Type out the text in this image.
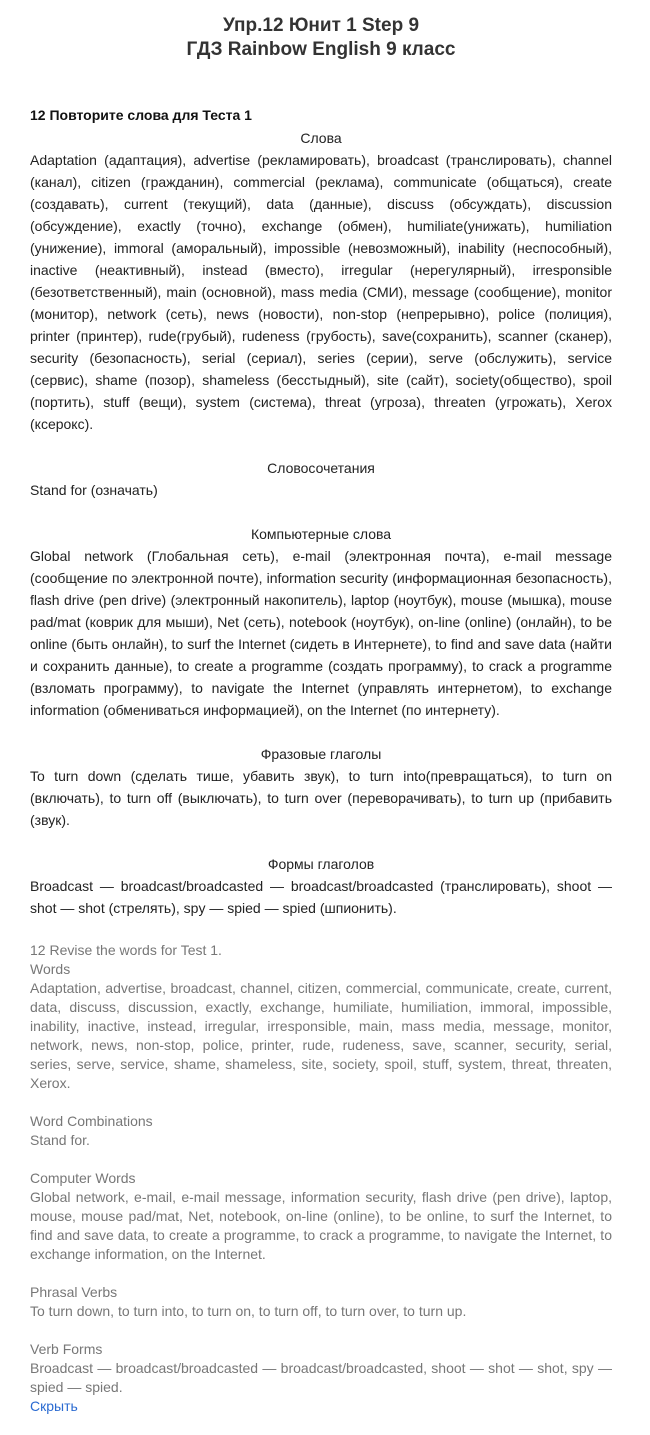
Упр.12 Юнит 1 Step 9

ГДЗ Rainbow English 9 класс

12 Повторите слова для Теста 1

Слова

Adaptation (адаптация), advertise (рекламировать), broadcast (транслировать), channel (канал), citizen (гражданин), commercial (реклама), communicate (общаться), create (создавать), current (текущий), data (данные), discuss (обсуждать), discussion (обсуждение), exactly (точно), exchange (обмен), humiliate(унижать), humiliation (унижение), immoral (аморальный), impossible (невозможный), inability (неспособный), inactive (неактивный), instead (вместо), irregular (нерегулярный), irresponsible (безответственный), main (основной), mass media (СМИ), message (сообщение), monitor (монитор), network (сеть), news (новости), non-stop (непрерывно), police (полиция), printer (принтер), rude(грубый), rudeness (грубость), save(сохранить), scanner (сканер), security (безопасность), serial (сериал), series (серии), serve (обслужить), service (сервис), shame (позор), shameless (бесстыдный), site (сайт), society(общество), spoil (портить), stuff (вещи), system (система), threat (угроза), threaten (угрожать), Xerox (ксерокс).

Словосочетания

Stand for (означать)

Компьютерные слова

Global network (Глобальная сеть), e-mail (электронная почта), e-mail message (сообщение по электронной почте), information security (информационная безопасность), flash drive (pen drive) (электронный накопитель), laptop (ноутбук), mouse (мышка), mouse pad/mat (коврик для мыши), Net (сеть), notebook (ноутбук), on-line (online) (онлайн), to be online (быть онлайн), to surf the Internet (сидеть в Интернете), to find and save data (найти и сохранить данные), to create a programme (создать программу), to crack a programme (взломать программу), to navigate the Internet (управлять интернетом), to exchange information (обмениваться информацией), on the Internet (по интернету).

Фразовые глаголы

To turn down (сделать тише, убавить звук), to turn into(превращаться), to turn on (включать), to turn off (выключать), to turn over (переворачивать), to turn up (прибавить (звук).

Формы глаголов

Broadcast — broadcast/broadcasted — broadcast/broadcasted (транслировать), shoot — shot — shot (стрелять), spy — spied — spied (шпионить).

12 Revise the words for Test 1.

Words

Adaptation, advertise, broadcast, channel, citizen, commercial, communicate, create, current, data, discuss, discussion, exactly, exchange, humiliate, humiliation, immoral, impossible, inability, inactive, instead, irregular, irresponsible, main, mass media, message, monitor, network, news, non-stop, police, printer, rude, rudeness, save, scanner, security, serial, series, serve, service, shame, shameless, site, society, spoil, stuff, system, threat, threaten, Xerox.

Word Combinations

Stand for.

Computer Words

Global network, e-mail, e-mail message, information security, flash drive (pen drive), laptop, mouse, mouse pad/mat, Net, notebook, on-line (online), to be online, to surf the Internet, to find and save data, to create a programme, to crack a programme, to navigate the Internet, to exchange information, on the Internet.

Phrasal Verbs

To turn down, to turn into, to turn on, to turn off, to turn over, to turn up.

Verb Forms

Broadcast — broadcast/broadcasted — broadcast/broadcasted, shoot — shot — shot, spy — spied — spied.

Скрыть
